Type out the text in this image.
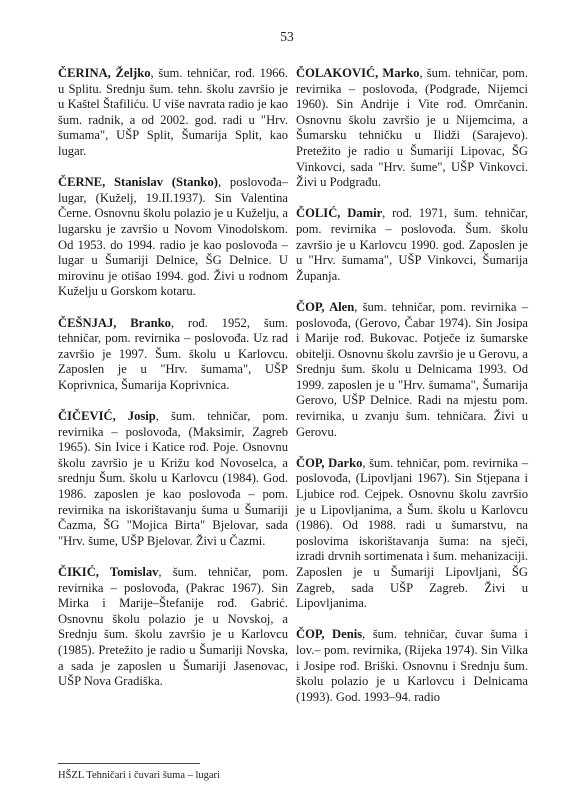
53

ČERINA, Željko, šum. tehničar, rođ. 1966. u Splitu. Srednju šum. tehn. školu završio je u Kaštel Štafiliću. U više navrata radio je kao šum. radnik, a od 2002. god. radi u "Hrv. šumama", UŠP Split, Šumarija Split, kao lugar.

ČERNE, Stanislav (Stanko), poslovođa–lugar, (Kuželj, 19.II.1937). Sin Valentina Černe. Osnovnu školu polazio je u Kuželju, a lugarsku je završio u Novom Vinodolskom. Od 1953. do 1994. radio je kao poslovođa – lugar u Šumariji Delnice, ŠG Delnice. U mirovinu je otišao 1994. god. Živi u rodnom Kuželju u Gorskom kotaru.

ČEŠNJAJ, Branko, rođ. 1952, šum. tehničar, pom. revirnika – poslovođa. Uz rad završio je 1997. Šum. školu u Karlovcu. Zaposlen je u "Hrv. šumama", UŠP Koprivnica, Šumarija Koprivnica.

ČIČEVIĆ, Josip, šum. tehničar, pom. revirnika – poslovođa, (Maksimir, Zagreb 1965). Sin Ivice i Katice rođ. Poje. Osnovnu školu završio je u Križu kod Novoselca, a srednju Šum. školu u Karlovcu (1984). God. 1986. zaposlen je kao poslovođa – pom. revirnika na iskorištavanju šuma u Šumariji Čazma, ŠG "Mojica Birta" Bjelovar, sada "Hrv. šume, UŠP Bjelovar. Živi u Čazmi.

ČIKIĆ, Tomislav, šum. tehničar, pom. revirnika – poslovođa, (Pakrac 1967). Sin Mirka i Marije–Štefanije rođ. Gabrić. Osnovnu školu polazio je u Novskoj, a Srednju šum. školu završio je u Karlovcu (1985). Pretežito je radio u Šumariji Novska, a sada je zaposlen u Šumariji Jasenovac, UŠP Nova Gradiška.

ČOLAKOVIĆ, Marko, šum. tehničar, pom. revirnika – poslovođa, (Podgrađe, Nijemci 1960). Sin Andrije i Vite rođ. Omrčanin. Osnovnu školu završio je u Nijemcima, a Šumarsku tehničku u Ilidži (Sarajevo). Pretežito je radio u Šumariji Lipovac, ŠG Vinkovci, sada "Hrv. šume", UŠP Vinkovci. Živi u Podgrađu.

ČOLIĆ, Damir, rođ. 1971, šum. tehničar, pom. revirnika – poslovođa. Šum. školu završio je u Karlovcu 1990. god. Zaposlen je u "Hrv. šumama", UŠP Vinkovci, Šumarija Županja.

ČOP, Alen, šum. tehničar, pom. revirnika – poslovođa, (Gerovo, Čabar 1974). Sin Josipa i Marije rođ. Bukovac. Potječe iz šumarske obitelji. Osnovnu školu završio je u Gerovu, a Srednju šum. školu u Delnicama 1993. Od 1999. zaposlen je u "Hrv. šumama", Šumarija Gerovo, UŠP Delnice. Radi na mjestu pom. revirnika, u zvanju šum. tehničara. Živi u Gerovu.

ČOP, Darko, šum. tehničar, pom. revirnika – poslovođa, (Lipovljani 1967). Sin Stjepana i Ljubice rođ. Cejpek. Osnovnu školu završio je u Lipovljanima, a Šum. školu u Karlovcu (1986). Od 1988. radi u šumarstvu, na poslovima iskorištavanja šuma: na sječi, izradi drvnih sortimenata i šum. mehanizaciji. Zaposlen je u Šumariji Lipovljani, ŠG Zagreb, sada UŠP Zagreb. Živi u Lipovljanima.

ČOP, Denis, šum. tehničar, čuvar šuma i lov.– pom. revirnika, (Rijeka 1974). Sin Vilka i Josipe rođ. Briški. Osnovnu i Srednju šum. školu polazio je u Karlovcu i Delnicama (1993). God. 1993–94. radio

HŠZL Tehničari i čuvari šuma – lugari
